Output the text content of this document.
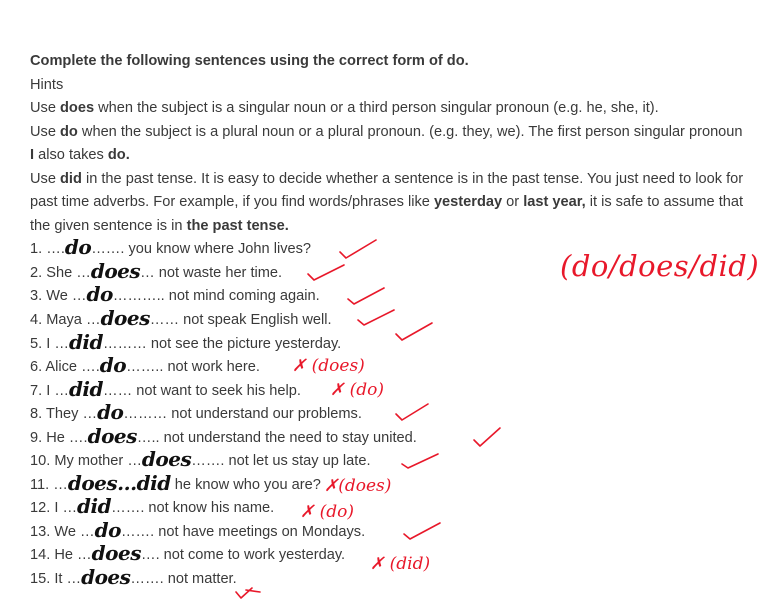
Complete the following sentences using the correct form of do.
Hints
Use does when the subject is a singular noun or a third person singular pronoun (e.g. he, she, it).
Use do when the subject is a plural noun or a plural pronoun. (e.g. they, we). The first person singular pronoun I also takes do.
Use did in the past tense. It is easy to decide whether a sentence is in the past tense. You just need to look for past time adverbs. For example, if you find words/phrases like yesterday or last year, it is safe to assume that the given sentence is in the past tense.
1. ….do……. you know where John lives?
2. She …does… not waste her time.
3. We …do……….. not mind coming again.
4. Maya …does…… not speak English well.
5. I …did……… not see the picture yesterday.
6. Alice ….do…….. not work here.
7. I …did…… not want to seek his help.
8. They …do……… not understand our problems.
9. He ….does….. not understand the need to stay united.
10. My mother …does……. not let us stay up late.
11. …does…did he know who you are?
12. I …did……. not know his name.
13. We …do……. not have meetings on Mondays.
14. He …does…. not come to work yesterday.
15. It …does……. not matter.
✗ (does)
✗ (do)
✗(does)
✗ (do)
✗ (did)
(do/does/did)
